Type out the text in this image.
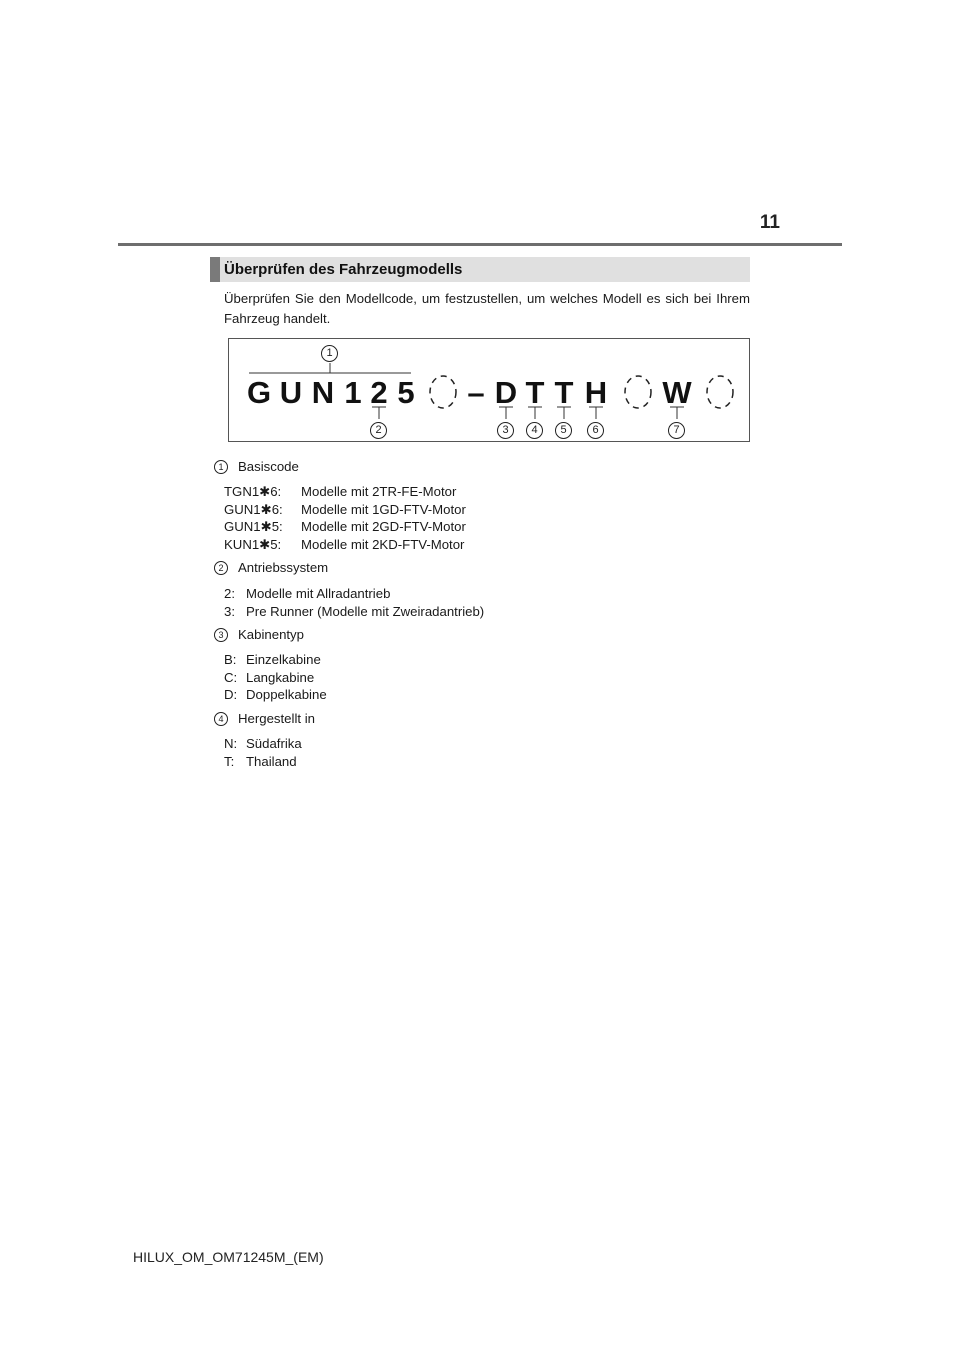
11
Überprüfen des Fahrzeugmodells

Überprüfen Sie den Modellcode, um festzustellen, um welches Modell es sich bei Ihrem Fahrzeug handelt.

G U N 1 2 5 – D T T H W
1
2	3	4	5	6	7
1	Basiscode
TGN1✱6: Modelle mit 2TR-FE-Motor
GUN1✱6: Modelle mit 1GD-FTV-Motor
GUN1✱5: Modelle mit 2GD-FTV-Motor
KUN1✱5: Modelle mit 2KD-FTV-Motor
2	Antriebssystem
2: Modelle mit Allradantrieb
3: Pre Runner (Modelle mit Zweiradantrieb)
3	Kabinentyp
B: Einzelkabine
C: Langkabine
D: Doppelkabine
4	Hergestellt in
N: Südafrika
T: Thailand
HILUX_OM_OM71245M_(EM)
